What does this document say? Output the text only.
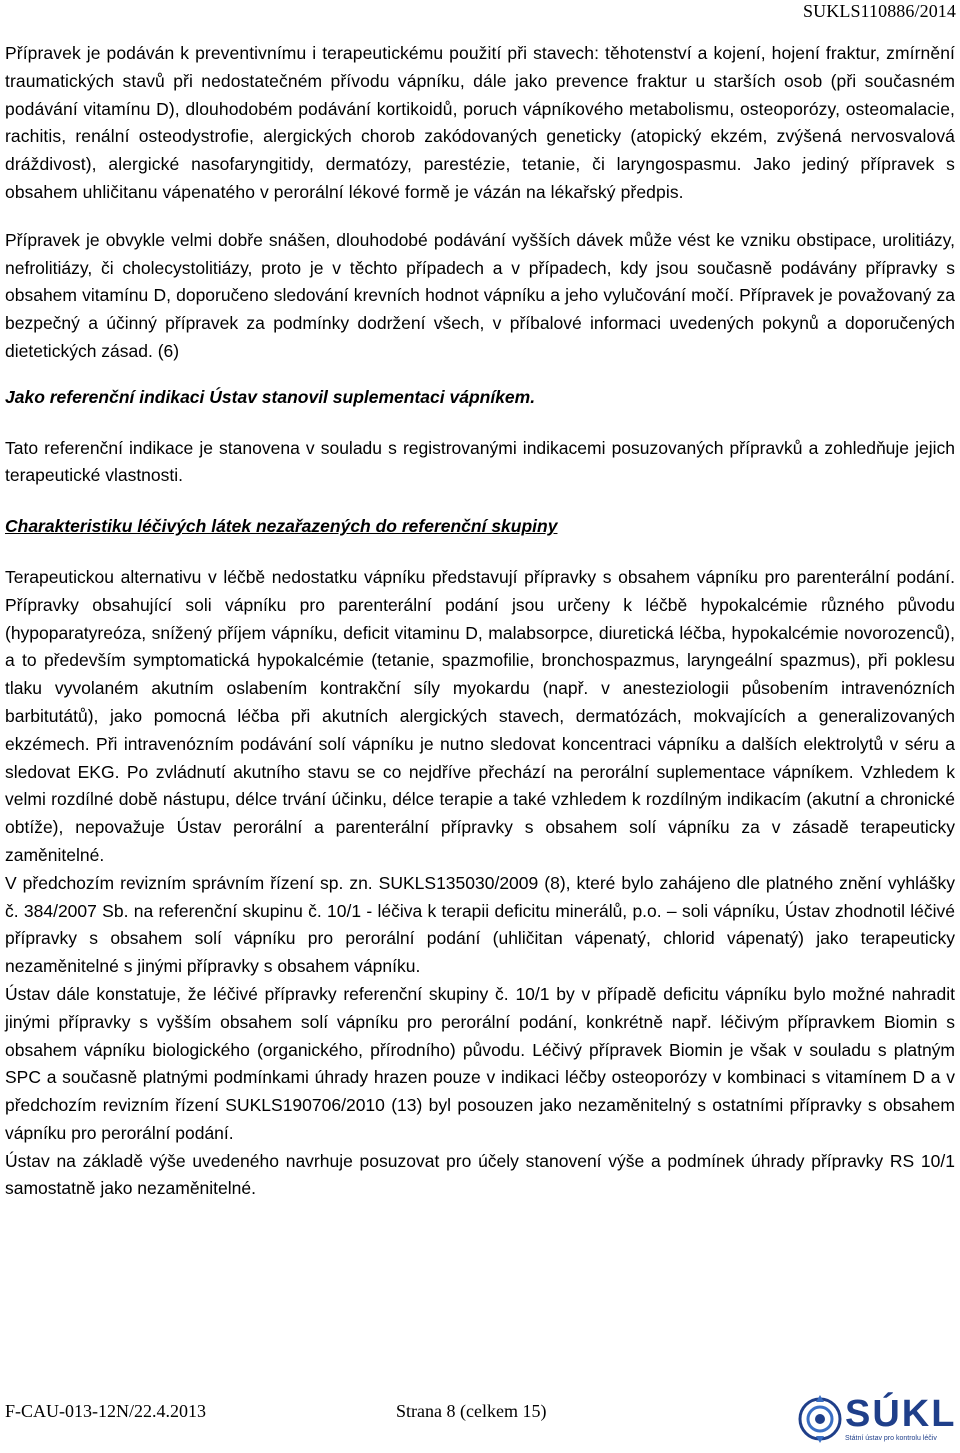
SUKLS110886/2014

Přípravek je podáván k preventivnímu i terapeutickému použití při stavech: těhotenství a kojení, hojení fraktur, zmírnění traumatických stavů při nedostatečném přívodu vápníku, dále jako prevence fraktur u starších osob (při současném podávání vitamínu D), dlouhodobém podávání kortikoidů, poruch vápníkového metabolismu, osteoporózy, osteomalacie, rachitis, renální osteodystrofie, alergických chorob zakódovaných geneticky (atopický ekzém, zvýšená nervosvalová dráždivost), alergické nasofaryngitidy, dermatózy, parestézie, tetanie, či laryngospasmu. Jako jediný přípravek s obsahem uhličitanu vápenatého v perorální lékové formě je vázán na lékařský předpis.

Přípravek je obvykle velmi dobře snášen, dlouhodobé podávání vyšších dávek může vést ke vzniku obstipace, urolitiázy, nefrolitiázy, či cholecystolitiázy, proto je v těchto případech a v případech, kdy jsou současně podávány přípravky s obsahem vitamínu D, doporučeno sledování krevních hodnot vápníku a jeho vylučování močí. Přípravek je považovaný za bezpečný a účinný přípravek za podmínky dodržení všech, v příbalové informaci uvedených pokynů a doporučených dietetických zásad. (6)

Jako referenční indikaci Ústav stanovil suplementaci vápníkem.

Tato referenční indikace je stanovena v souladu s registrovanými indikacemi posuzovaných přípravků a zohledňuje jejich terapeutické vlastnosti.

Charakteristiku léčivých látek nezařazených do referenční skupiny

Terapeutickou alternativu v léčbě nedostatku vápníku představují přípravky s obsahem vápníku pro parenterální podání. Přípravky obsahující soli vápníku pro parenterální podání jsou určeny k léčbě hypokalcémie různého původu (hypoparatyreóza, snížený příjem vápníku, deficit vitaminu D, malabsorpce, diuretická léčba, hypokalcémie novorozenců), a to především symptomatická hypokalcémie (tetanie, spazmofilie, bronchospazmus, laryngeální spazmus), při poklesu tlaku vyvolaném akutním oslabením kontrakční síly myokardu (např. v anesteziologii působením intravenózních barbitutátů), jako pomocná léčba při akutních alergických stavech, dermatózách, mokvajících a generalizovaných ekzémech. Při intravenózním podávání solí vápníku je nutno sledovat koncentraci vápníku a dalších elektrolytů v séru a sledovat EKG. Po zvládnutí akutního stavu se co nejdříve přechází na perorální suplementace vápníkem. Vzhledem k velmi rozdílné době nástupu, délce trvání účinku, délce terapie a také vzhledem k rozdílným indikacím (akutní a chronické obtíže), nepovažuje Ústav perorální a parenterální přípravky s obsahem solí vápníku za v zásadě terapeuticky zaměnitelné.

V předchozím revizním správním řízení sp. zn. SUKLS135030/2009 (8), které bylo zahájeno dle platného znění vyhlášky č. 384/2007 Sb. na referenční skupinu č. 10/1 - léčiva k terapii deficitu minerálů, p.o. – soli vápníku, Ústav zhodnotil léčivé přípravky s obsahem solí vápníku pro perorální podání (uhličitan vápenatý, chlorid vápenatý) jako terapeuticky nezaměnitelné s jinými přípravky s obsahem vápníku.

Ústav dále konstatuje, že léčivé přípravky referenční skupiny č. 10/1 by v případě deficitu vápníku bylo možné nahradit jinými přípravky s vyšším obsahem solí vápníku pro perorální podání, konkrétně např. léčivým přípravkem Biomin s obsahem vápníku biologického (organického, přírodního) původu. Léčivý přípravek Biomin je však v souladu s platným SPC a současně platnými podmínkami úhrady hrazen pouze v indikaci léčby osteoporózy v kombinaci s vitamínem D a v předchozím revizním řízení SUKLS190706/2010 (13) byl posouzen jako nezaměnitelný s ostatními přípravky s obsahem vápníku pro perorální podání.

Ústav na základě výše uvedeného navrhuje posuzovat pro účely stanovení výše a podmínek úhrady přípravky RS 10/1 samostatně jako nezaměnitelné.

F-CAU-013-12N/22.4.2013	Strana 8 (celkem 15)	SÚKL
Státní ústav pro kontrolu léčiv
